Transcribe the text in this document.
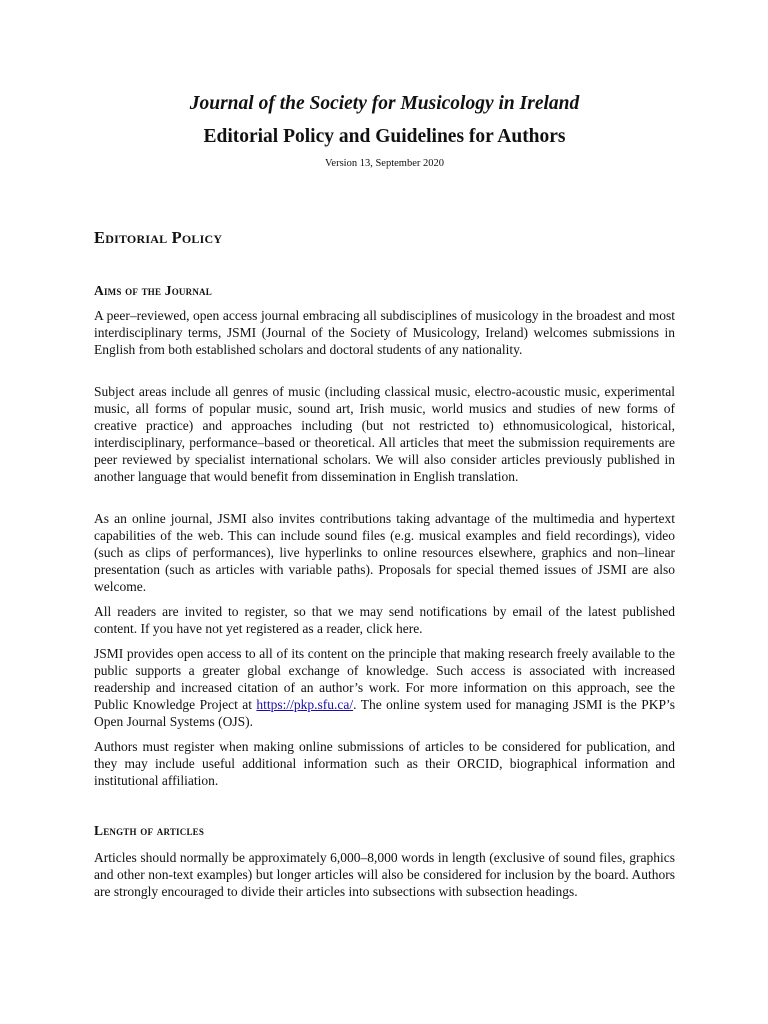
Journal of the Society for Musicology in Ireland
Editorial Policy and Guidelines for Authors

Version 13, September 2020

Editorial Policy
Aims of the Journal

A peer–reviewed, open access journal embracing all subdisciplines of musicology in the broadest and most interdisciplinary terms, JSMI (Journal of the Society of Musicology, Ireland) welcomes submissions in English from both established scholars and doctoral students of any nationality.

Subject areas include all genres of music (including classical music, electro-acoustic music, experimental music, all forms of popular music, sound art, Irish music, world musics and studies of new forms of creative practice) and approaches including (but not restricted to) ethnomusicological, historical, interdisciplinary, performance–based or theoretical. All articles that meet the submission requirements are peer reviewed by specialist international scholars. We will also consider articles previously published in another language that would benefit from dissemination in English translation.

As an online journal, JSMI also invites contributions taking advantage of the multimedia and hypertext capabilities of the web. This can include sound files (e.g. musical examples and field recordings), video (such as clips of performances), live hyperlinks to online resources elsewhere, graphics and non–linear presentation (such as articles with variable paths). Proposals for special themed issues of JSMI are also welcome.

All readers are invited to register, so that we may send notifications by email of the latest published content. If you have not yet registered as a reader, click here.

JSMI provides open access to all of its content on the principle that making research freely available to the public supports a greater global exchange of knowledge. Such access is associated with increased readership and increased citation of an author’s work. For more information on this approach, see the Public Knowledge Project at https://pkp.sfu.ca/. The online system used for managing JSMI is the PKP’s Open Journal Systems (OJS).

Authors must register when making online submissions of articles to be considered for publication, and they may include useful additional information such as their ORCID, biographical information and institutional affiliation.

Length of articles

Articles should normally be approximately 6,000–8,000 words in length (exclusive of sound files, graphics and other non-text examples) but longer articles will also be considered for inclusion by the board. Authors are strongly encouraged to divide their articles into subsections with subsection headings.
